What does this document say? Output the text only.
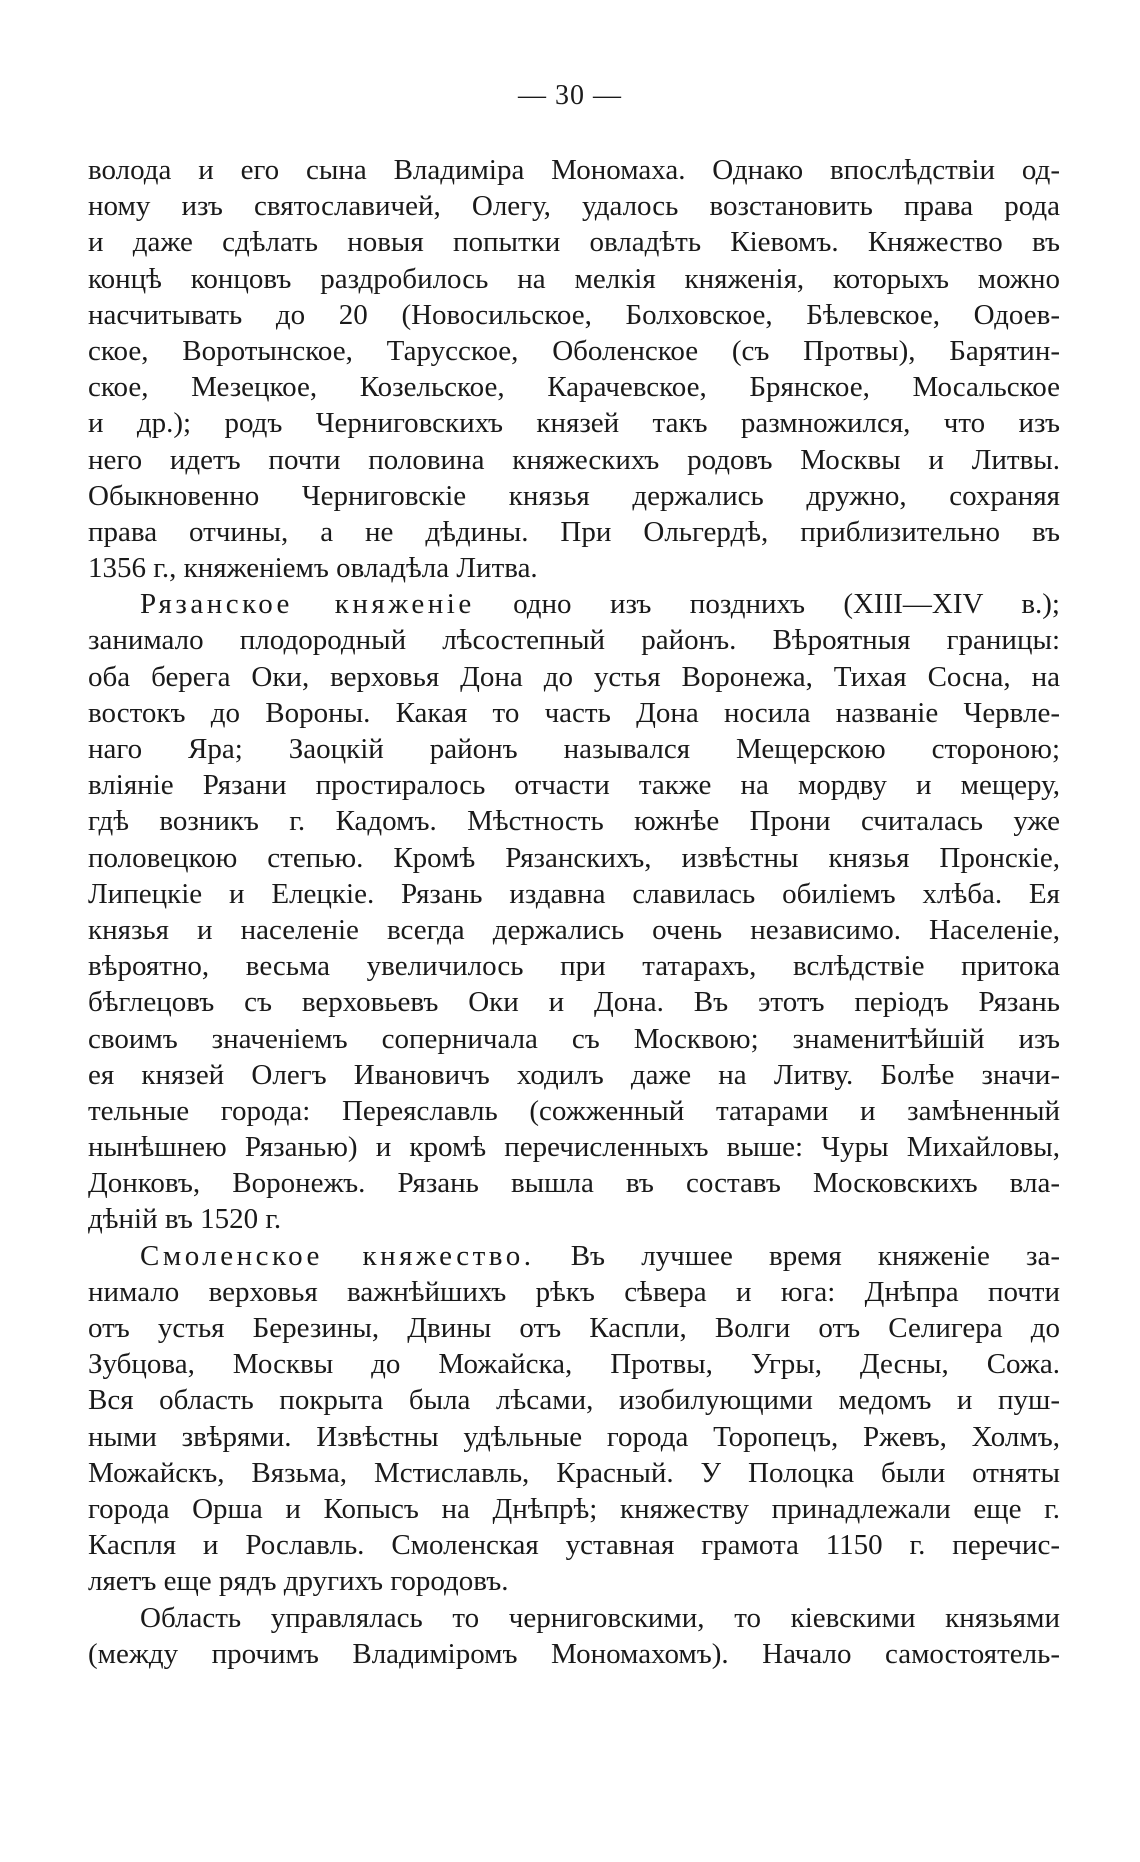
— 30 —
волода и его сына Владиміра Мономаха. Однако впослѣдствіи од-
ному изъ святославичей, Олегу, удалось возстановить права рода
и даже сдѣлать новыя попытки овладѣть Кіевомъ. Княжество въ
концѣ концовъ раздробилось на мелкія княженія, которыхъ можно
насчитывать до 20 (Новосильское, Болховское, Бѣлевское, Одоев-
ское, Воротынское, Тарусское, Оболенское (съ Протвы), Барятин-
ское, Мезецкое, Козельское, Карачевское, Брянское, Мосальское
и др.); родъ Черниговскихъ князей такъ размножился, что изъ
него идетъ почти половина княжескихъ родовъ Москвы и Литвы.
Обыкновенно Черниговскіе князья держались дружно, сохраняя
права отчины, а не дѣдины. При Ольгердѣ, приблизительно въ
1356 г., княженіемъ овладѣла Литва.
Рязанское княженіе одно изъ позднихъ (XIII—XIV в.);
занимало плодородный лѣсостепный районъ. Вѣроятныя границы:
оба берега Оки, верховья Дона до устья Воронежа, Тихая Сосна, на
востокъ до Вороны. Какая то часть Дона носила названіе Червле-
наго Яра; Заоцкій районъ назывался Мещерскою стороною;
вліяніе Рязани простиралось отчасти также на мордву и мещеру,
гдѣ возникъ г. Кадомъ. Мѣстность южнѣе Прони считалась уже
половецкою степью. Кромѣ Рязанскихъ, извѣстны князья Пронскіе,
Липецкіе и Елецкіе. Рязань издавна славилась обиліемъ хлѣба. Ея
князья и населеніе всегда держались очень независимо. Населеніе,
вѣроятно, весьма увеличилось при татарахъ, вслѣдствіе притока
бѣглецовъ съ верховьевъ Оки и Дона. Въ этотъ періодъ Рязань
своимъ значеніемъ соперничала съ Москвою; знаменитѣйшій изъ
ея князей Олегъ Ивановичъ ходилъ даже на Литву. Болѣе значи-
тельные города: Переяславль (сожженный татарами и замѣненный
нынѣшнею Рязанью) и кромѣ перечисленныхъ выше: Чуры Михайловы,
Донковъ, Воронежъ. Рязань вышла въ составъ Московскихъ вла-
дѣній въ 1520 г.
Смоленское княжество. Въ лучшее время княженіе за-
нимало верховья важнѣйшихъ рѣкъ сѣвера и юга: Днѣпра почти
отъ устья Березины, Двины отъ Каспли, Волги отъ Селигера до
Зубцова, Москвы до Можайска, Протвы, Угры, Десны, Сожа.
Вся область покрыта была лѣсами, изобилующими медомъ и пуш-
ными звѣрями. Извѣстны удѣльные города Торопецъ, Ржевъ, Холмъ,
Можайскъ, Вязьма, Мстиславль, Красный. У Полоцка были отняты
города Орша и Копысъ на Днѣпрѣ; княжеству принадлежали еще г.
Каспля и Рославль. Смоленская уставная грамота 1150 г. перечис-
ляетъ еще рядъ другихъ городовъ.
Область управлялась то черниговскими, то кіевскими князьями
(между прочимъ Владиміромъ Мономахомъ). Начало самостоятель-
